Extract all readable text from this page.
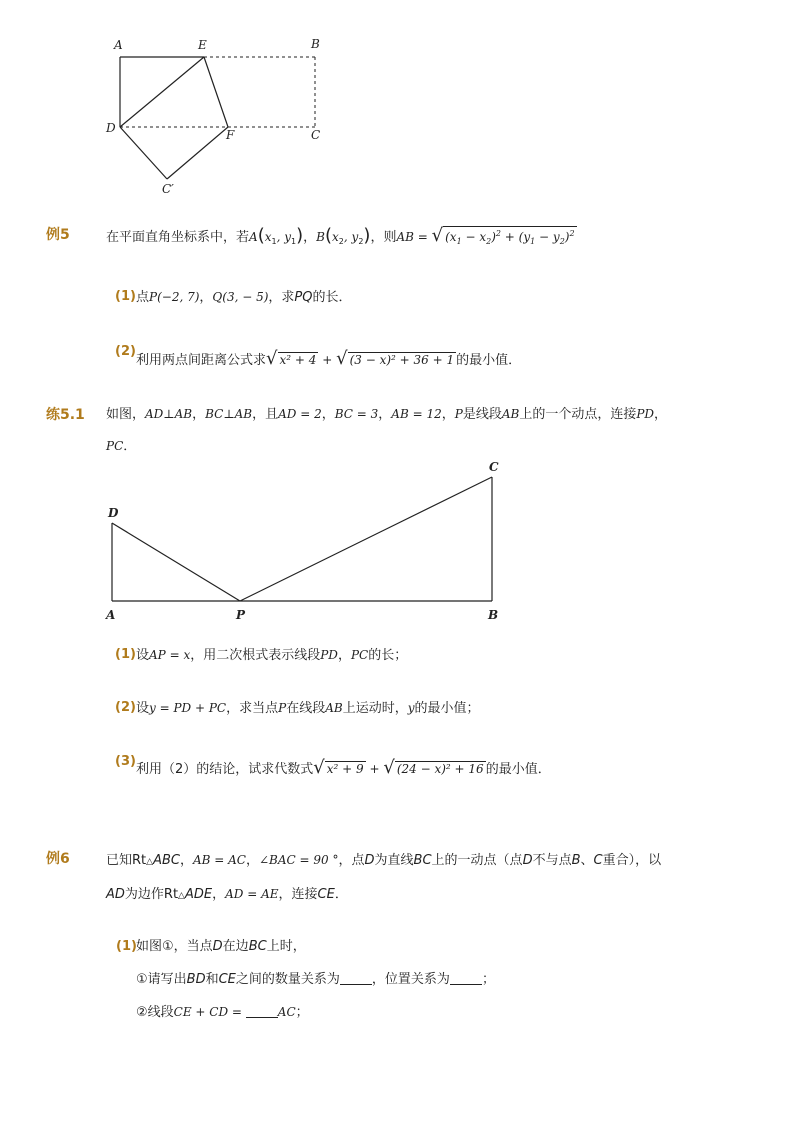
A	E	B
D	F	C
C′
例5	在平面直角坐标系中，若$A(x_1$, $y_1$)，$B(x_2$, $y_2$)，则AB = √ $(x_1 - x_2)^2 + (y_1 - y_2)^2$
(1) 点P(−2, 7)，Q(3, − 5)，求PQ的长．
(2)
利用两点间距离公式求√ x² + 4 + √ (3 − x)² + 36 + 1 的最小值．
练5.1 如图，AD⊥AB，BC⊥AB，且AD = 2，BC = 3，AB = 12，P是线段AB上的一个动点，连接PD，
PC．
D
C
A	P	B
(1) 设AP = x，用二次根式表示线段PD，PC的长；
(2) 设y = PD + PC，求当点P在线段AB上运动时，y的最小值；
(3)
利用（2）的结论，试求代数式√ x² + 9 + √ (24 − x)² + 16 的最小值．
例6	已知Rt△ABC，AB = AC，∠BAC = 90 °，点D为直线BC上的一动点（点D不与点B、C重合），以
AD为边作Rt△ADE，AD = AE，连接CE．
(1) 如图①，当点D在边BC上时，
①请写出BD和CE之间的数量关系为 ，位置关系为 ；
②线段CE + CD =	AC；
